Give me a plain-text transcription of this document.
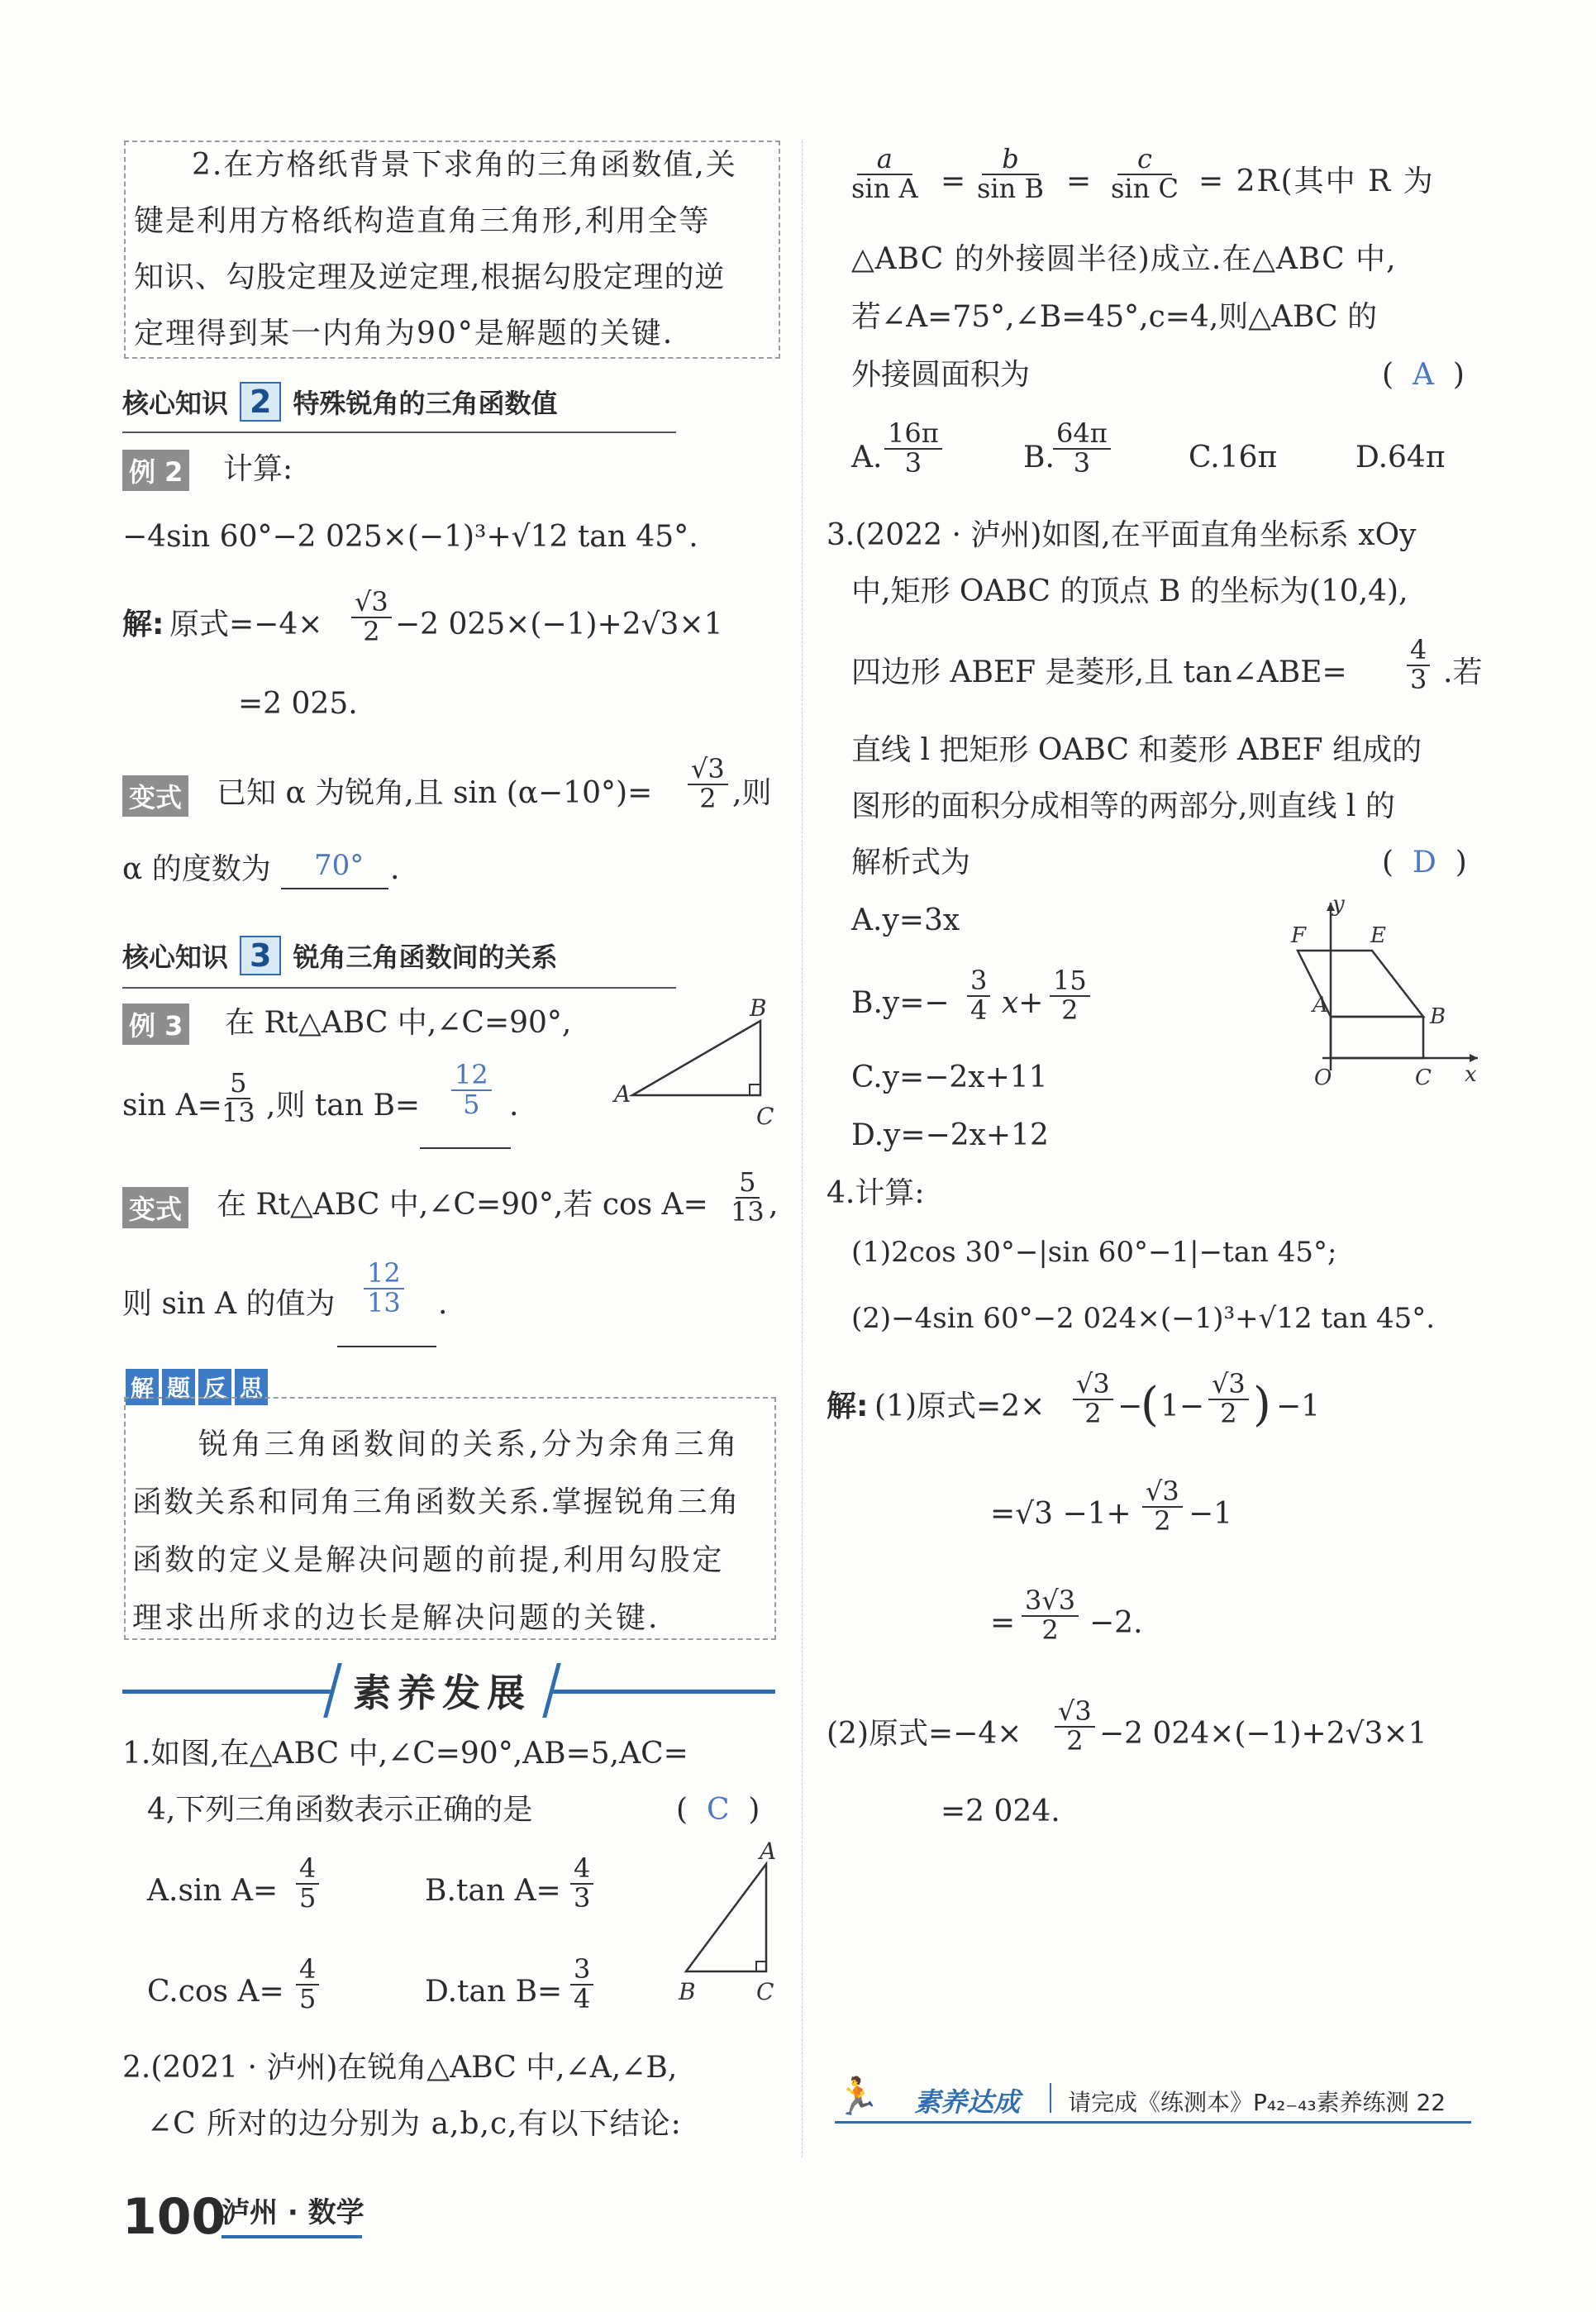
2.在方格纸背景下求角的三角函数值,关
键是利用方格纸构造直角三角形,利用全等
知识、勾股定理及逆定理,根据勾股定理的逆
定理得到某一内角为90°是解题的关键.
核心知识 2 特殊锐角的三角函数值
例 2 计算:
−4sin 60°−2 025×(−1)³+√12 tan 45°.
解: 原式=−4×
√3
2 −2 025×(−1)+2√3×1
=2 025.
变式 已知 α 为锐角,且 sin (α−10°)=
√3
2 ,则
α 的度数为 70° .
核心知识 3 锐角三角函数间的关系
例 3 在 Rt△ABC 中,∠C=90°,
sin A=
5
13 ,则 tan B=
12
5 .	A
B
C
变式 在 Rt△ABC 中,∠C=90°,若 cos A=
5
13 ,
则 sin A 的值为
12
13 .
解 题 反 思
锐角三角函数间的关系,分为余角三角
函数关系和同角三角函数关系.掌握锐角三角
函数的定义是解决问题的前提,利用勾股定
理求出所求的边长是解决问题的关键.
素养发展
1.如图,在△ABC 中,∠C=90°,AB=5,AC=
4,下列三角函数表示正确的是	(  C  )
A.sin A=
4
5	B.tan A=
4
3
C.cos A=
4
5	D.tan B=
3
4
A
B	C
2.(2021 · 泸州)在锐角△ABC 中,∠A,∠B,
∠C 所对的边分别为 a,b,c,有以下结论:
100
泸州 · 数学
a
sin A =
b
sin B =
c
sin C = 2R(其中 R 为
△ABC 的外接圆半径)成立.在△ABC 中,
若∠A=75°,∠B=45°,c=4,则△ABC 的
外接圆面积为	(  A  )
A.
16π
3	B.
64π
3	C.16π	D.64π
3.(2022 · 泸州)如图,在平面直角坐标系 xOy
中,矩形 OABC 的顶点 B 的坐标为(10,4),
四边形 ABEF 是菱形,且 tan∠ABE=
4
3 .若
直线 l 把矩形 OABC 和菱形 ABEF 组成的
图形的面积分成相等的两部分,则直线 l 的
解析式为	(  D  )
A.y=3x
B.y=−
3
4 x+
15
2
C.y=−2x+11
D.y=−2x+12
y
x
F	E
A	B
O	C
4.计算:
(1)2cos 30°−|sin 60°−1|−tan 45°;
(2)−4sin 60°−2 024×(−1)³+√12 tan 45°.
解: (1)原式=2×
√3
2 −
( 1−
√3
2 ) −1
=√3 −1+
√3
2 −1
=
3√3
2 −2.
(2)原式=−4×
√3
2 −2 024×(−1)+2√3×1
=2 024.
🏃 素养达成 请完成《练测本》P₄₂₋₄₃素养练测 22
